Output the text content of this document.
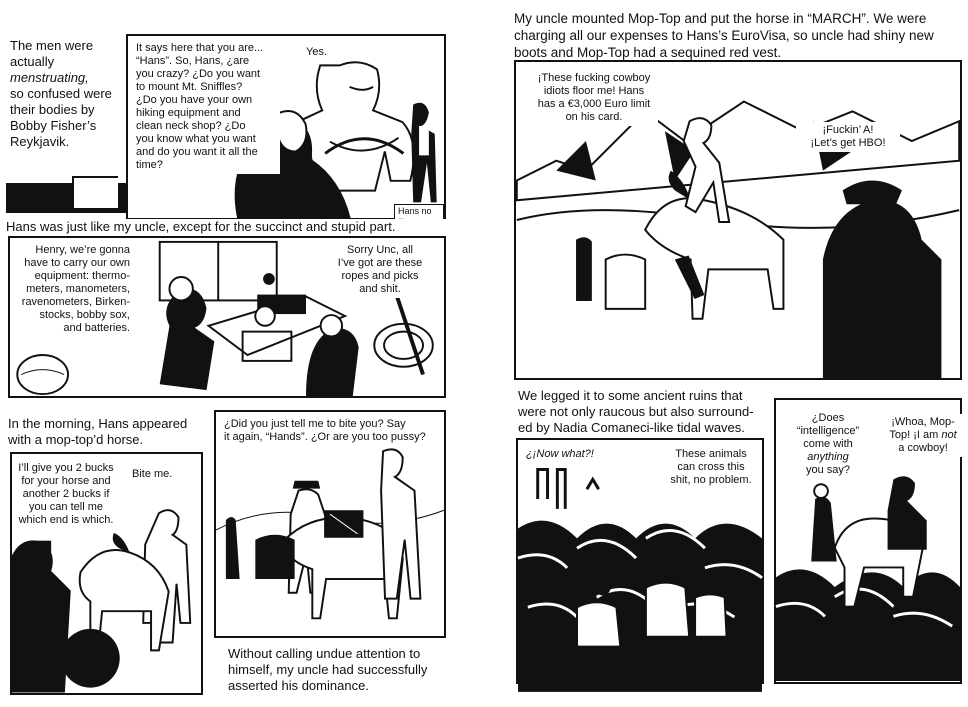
The men were
actually
menstruating,
so confused were
their bodies by
Bobby Fisher’s
Reykjavik.
It says here that you are...
“Hans”. So, Hans, ¿are
you crazy? ¿Do you want
to mount Mt. Sniffles?
¿Do you have your own
hiking equipment and
clean neck shop? ¿Do
you know what you want
and do you want it all the
time?
Yes.
Hans no
Hans was just like my uncle, except for the succinct and stupid part.
Henry, we’re gonna
have to carry our own
equipment: thermo-
meters, manometers,
ravenometers, Birken-
stocks, bobby sox,
and batteries.
Sorry Unc, all
I’ve got are these
ropes and picks
and shit.
In the morning, Hans appeared
with a mop-top’d horse.
I’ll give you 2 bucks
for your horse and
another 2 bucks if
you can tell me
which end is which.
Bite me.
¿Did you just tell me to bite you? Say
it again, “Hands”. ¿Or are you too pussy?
Without calling undue attention to
himself, my uncle had successfully
asserted his dominance.
My uncle mounted Mop-Top and put the horse in “MARCH”. We were
charging all our expenses to Hans’s EuroVisa, so uncle had shiny new
boots and Mop-Top had a sequined red vest.
¡These fucking cowboy
idiots floor me! Hans
has a €3,000 Euro limit
on his card.
¡Fuckin’ A!
¡Let’s get HBO!
We legged it to some ancient ruins that
were not only raucous but also surround-
ed by Nadia Comaneci-like tidal waves.
¿¡Now what?!	These animals
can cross this
shit, no problem.
¿Does “intelligence”
come with anything
you say?
¡Whoa, Mop-
Top! ¡I am not
a cowboy!
